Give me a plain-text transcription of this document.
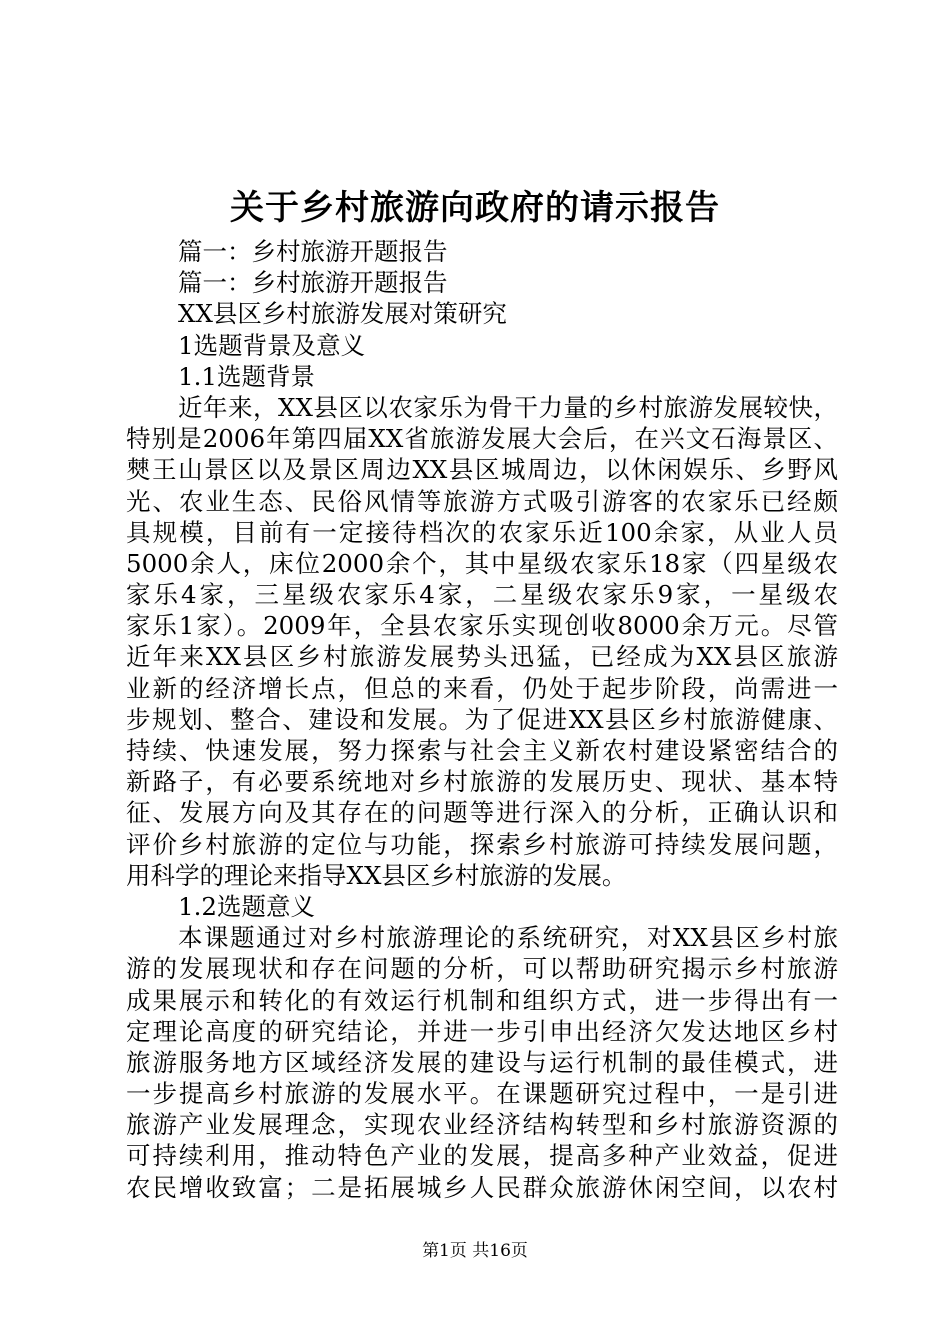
关于乡村旅游向政府的请示报告
篇一：乡村旅游开题报告
篇一：乡村旅游开题报告
XX县区乡村旅游发展对策研究
1选题背景及意义
1.1选题背景
近年来，XX县区以农家乐为骨干力量的乡村旅游发展较快，
特别是2006年第四届XX省旅游发展大会后，在兴文石海景区、
僰王山景区以及景区周边XX县区城周边，以休闲娱乐、乡野风
光、农业生态、民俗风情等旅游方式吸引游客的农家乐已经颇
具规模，目前有一定接待档次的农家乐近100余家，从业人员
5000余人，床位2000余个，其中星级农家乐18家（四星级农
家乐4家，三星级农家乐4家，二星级农家乐9家，一星级农
家乐1家）。2009年，全县农家乐实现创收8000余万元。尽管
近年来XX县区乡村旅游发展势头迅猛，已经成为XX县区旅游
业新的经济增长点，但总的来看，仍处于起步阶段，尚需进一
步规划、整合、建设和发展。为了促进XX县区乡村旅游健康、
持续、快速发展，努力探索与社会主义新农村建设紧密结合的
新路子，有必要系统地对乡村旅游的发展历史、现状、基本特
征、发展方向及其存在的问题等进行深入的分析，正确认识和
评价乡村旅游的定位与功能，探索乡村旅游可持续发展问题，
用科学的理论来指导XX县区乡村旅游的发展。
1.2选题意义
本课题通过对乡村旅游理论的系统研究，对XX县区乡村旅
游的发展现状和存在问题的分析，可以帮助研究揭示乡村旅游
成果展示和转化的有效运行机制和组织方式，进一步得出有一
定理论高度的研究结论，并进一步引申出经济欠发达地区乡村
旅游服务地方区域经济发展的建设与运行机制的最佳模式，进
一步提高乡村旅游的发展水平。在课题研究过程中，一是引进
旅游产业发展理念，实现农业经济结构转型和乡村旅游资源的
可持续利用，推动特色产业的发展，提高多种产业效益，促进
农民增收致富；二是拓展城乡人民群众旅游休闲空间，以农村
第1页 共16页
